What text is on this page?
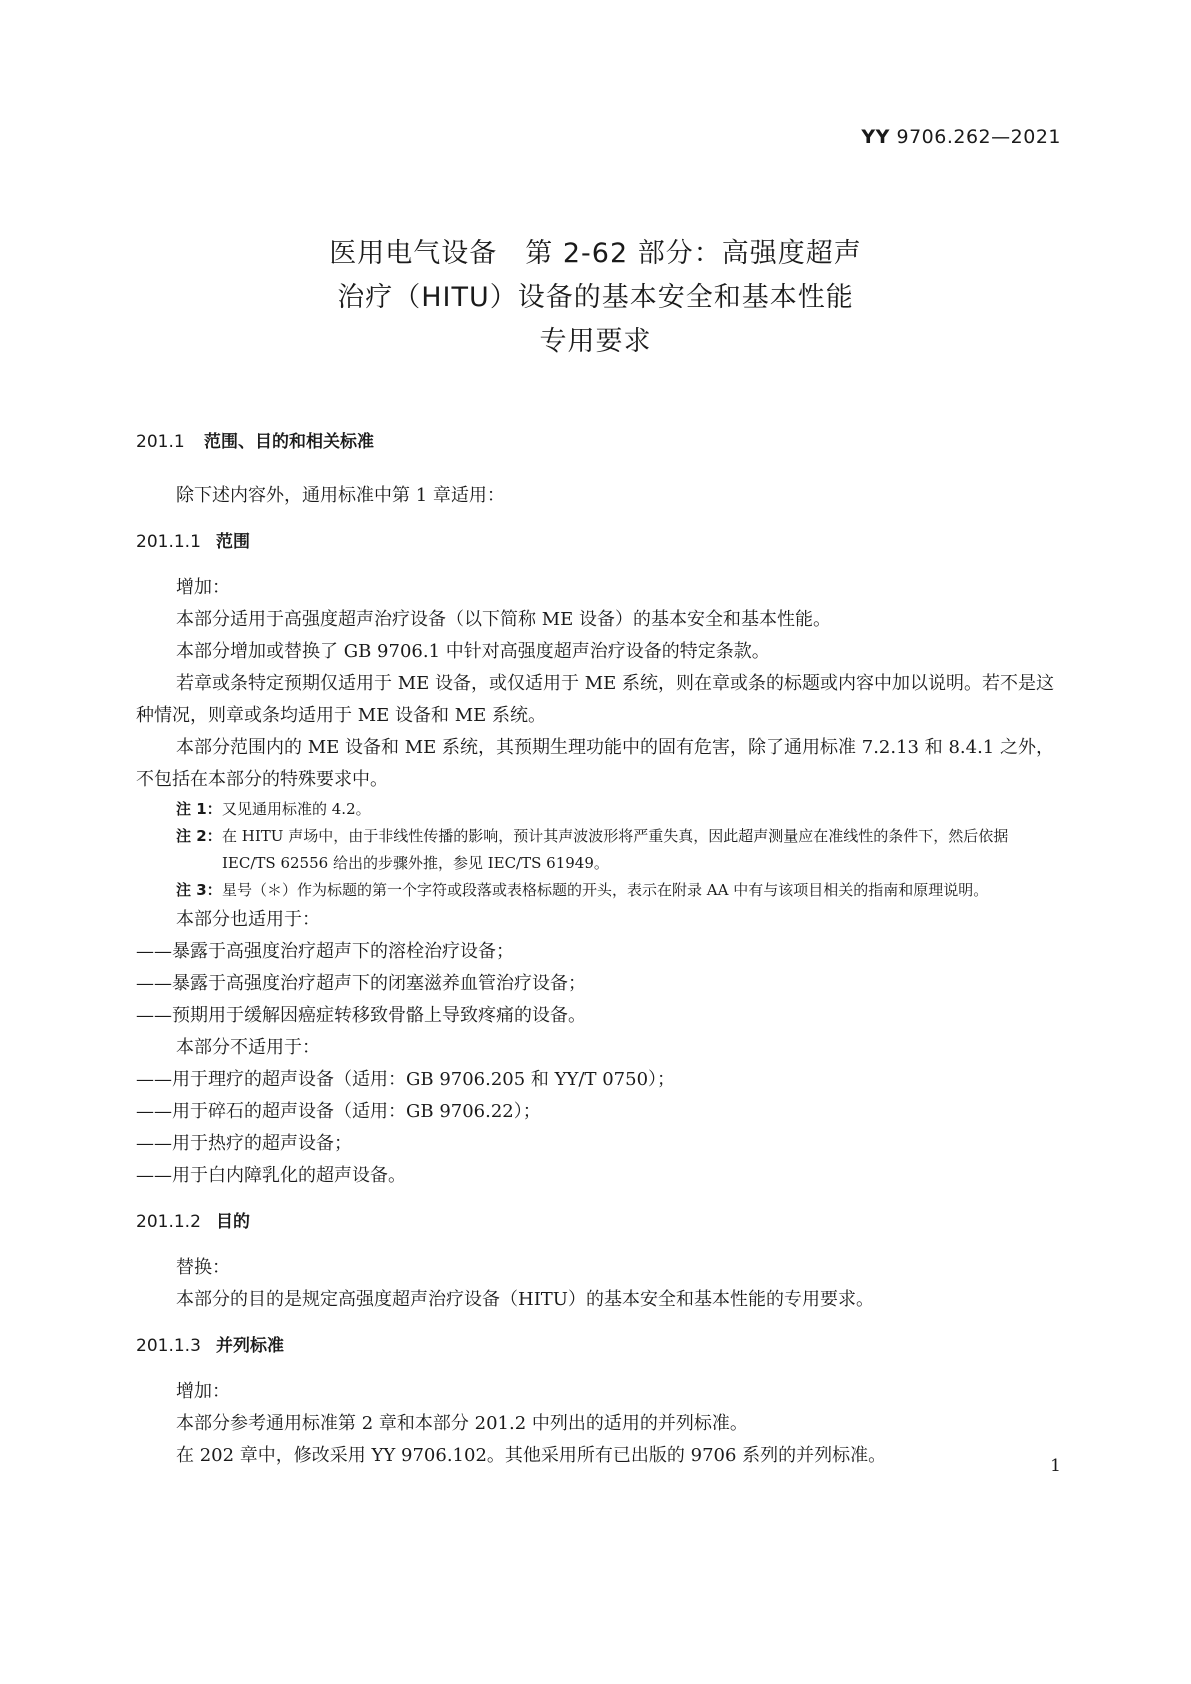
YY 9706.262—2021
医用电气设备　第 2-62 部分：高强度超声
治疗（HITU）设备的基本安全和基本性能
专用要求
201.1 范围、目的和相关标准

除下述内容外，通用标准中第 1 章适用：

201.1.1 范围

增加：

本部分适用于高强度超声治疗设备（以下简称 ME 设备）的基本安全和基本性能。

本部分增加或替换了 GB 9706.1 中针对高强度超声治疗设备的特定条款。

若章或条特定预期仅适用于 ME 设备，或仅适用于 ME 系统，则在章或条的标题或内容中加以说明。若不是这种情况，则章或条均适用于 ME 设备和 ME 系统。

本部分范围内的 ME 设备和 ME 系统，其预期生理功能中的固有危害，除了通用标准 7.2.13 和 8.4.1 之外，不包括在本部分的特殊要求中。

注 1：又见通用标准的 4.2。

注 2：在 HITU 声场中，由于非线性传播的影响，预计其声波波形将严重失真，因此超声测量应在准线性的条件下，然后依据 IEC/TS 62556 给出的步骤外推，参见 IEC/TS 61949。

注 3：星号（＊）作为标题的第一个字符或段落或表格标题的开头，表示在附录 AA 中有与该项目相关的指南和原理说明。

本部分也适用于：

——暴露于高强度治疗超声下的溶栓治疗设备；

——暴露于高强度治疗超声下的闭塞滋养血管治疗设备；

——预期用于缓解因癌症转移致骨骼上导致疼痛的设备。

本部分不适用于：

——用于理疗的超声设备（适用：GB 9706.205 和 YY/T 0750）；

——用于碎石的超声设备（适用：GB 9706.22）；

——用于热疗的超声设备；

——用于白内障乳化的超声设备。

201.1.2 目的

替换：

本部分的目的是规定高强度超声治疗设备（HITU）的基本安全和基本性能的专用要求。

201.1.3 并列标准

增加：

本部分参考通用标准第 2 章和本部分 201.2 中列出的适用的并列标准。

在 202 章中，修改采用 YY 9706.102。其他采用所有已出版的 9706 系列的并列标准。	1
